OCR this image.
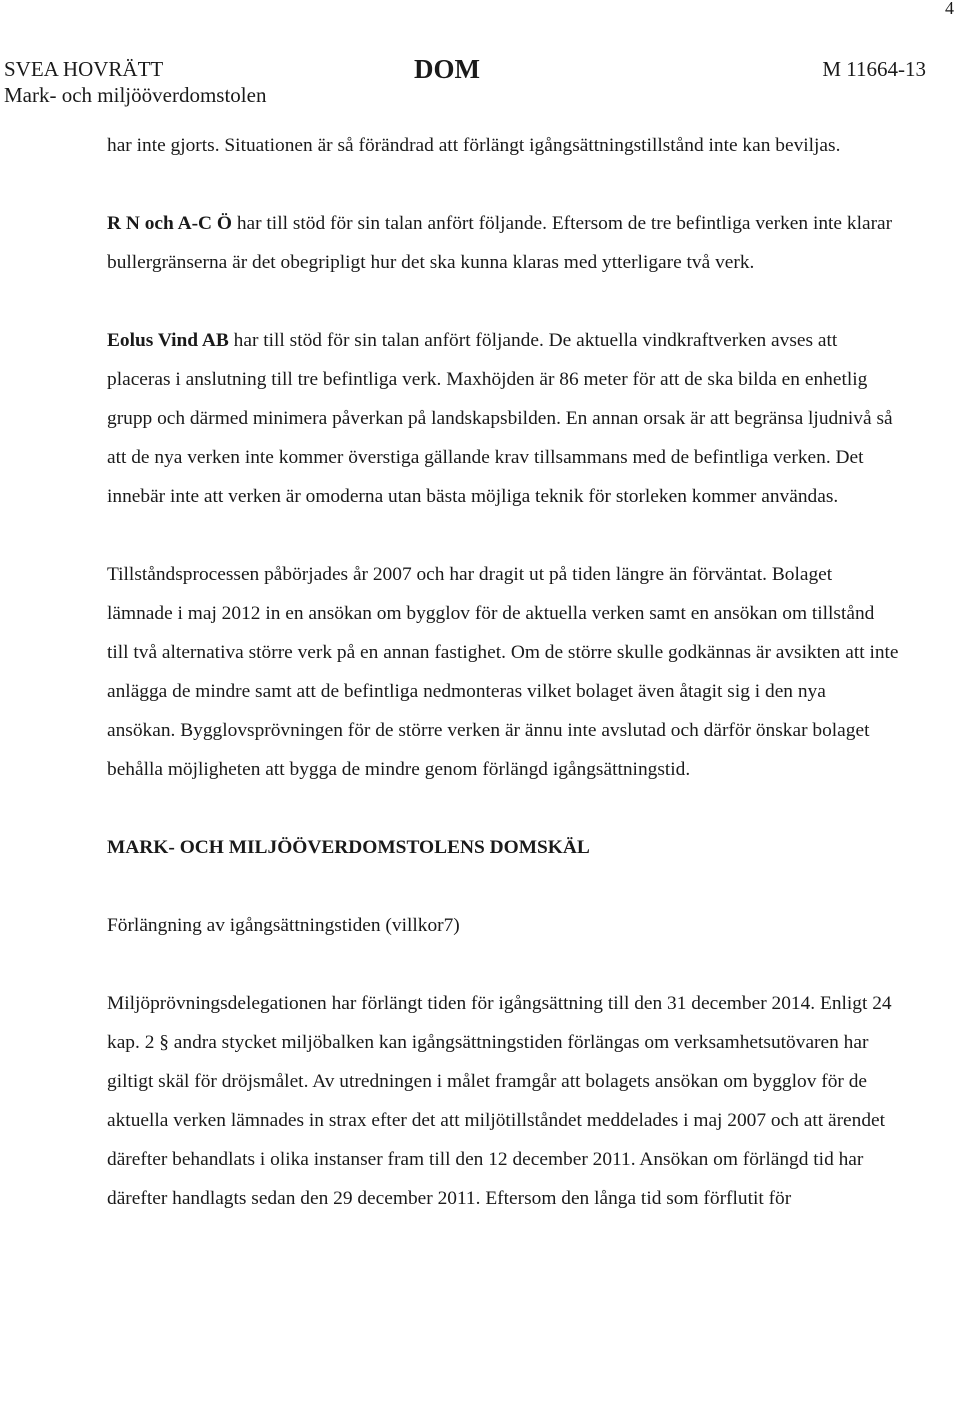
4
SVEA HOVRÄTT
Mark- och miljööverdomstolen
DOM	M 11664-13

har inte gjorts. Situationen är så förändrad att förlängt igångsättningstillstånd inte kan beviljas.

R N och A-C Ö har till stöd för sin talan anfört följande. Eftersom de tre befintliga verken inte klarar bullergränserna är det obegripligt hur det ska kunna klaras med ytterligare två verk.

Eolus Vind AB har till stöd för sin talan anfört följande. De aktuella vindkraftverken avses att placeras i anslutning till tre befintliga verk. Maxhöjden är 86 meter för att de ska bilda en enhetlig grupp och därmed minimera påverkan på landskapsbilden. En annan orsak är att begränsa ljudnivå så att de nya verken inte kommer överstiga gällande krav tillsammans med de befintliga verken. Det innebär inte att verken är omoderna utan bästa möjliga teknik för storleken kommer användas.

Tillståndsprocessen påbörjades år 2007 och har dragit ut på tiden längre än förväntat. Bolaget lämnade i maj 2012 in en ansökan om bygglov för de aktuella verken samt en ansökan om tillstånd till två alternativa större verk på en annan fastighet. Om de större skulle godkännas är avsikten att inte anlägga de mindre samt att de befintliga nedmonteras vilket bolaget även åtagit sig i den nya ansökan. Bygglovsprövningen för de större verken är ännu inte avslutad och därför önskar bolaget behålla möjligheten att bygga de mindre genom förlängd igångsättningstid.

MARK- OCH MILJÖÖVERDOMSTOLENS DOMSKÄL
Förlängning av igångsättningstiden (villkor7)

Miljöprövningsdelegationen har förlängt tiden för igångsättning till den 31 december 2014. Enligt 24 kap. 2 § andra stycket miljöbalken kan igångsättningstiden förlängas om verksamhetsutövaren har giltigt skäl för dröjsmålet. Av utredningen i målet framgår att bolagets ansökan om bygglov för de aktuella verken lämnades in strax efter det att miljötillståndet meddelades i maj 2007 och att ärendet därefter behandlats i olika instanser fram till den 12 december 2011. Ansökan om förlängd tid har därefter handlagts sedan den 29 december 2011. Eftersom den långa tid som förflutit för
